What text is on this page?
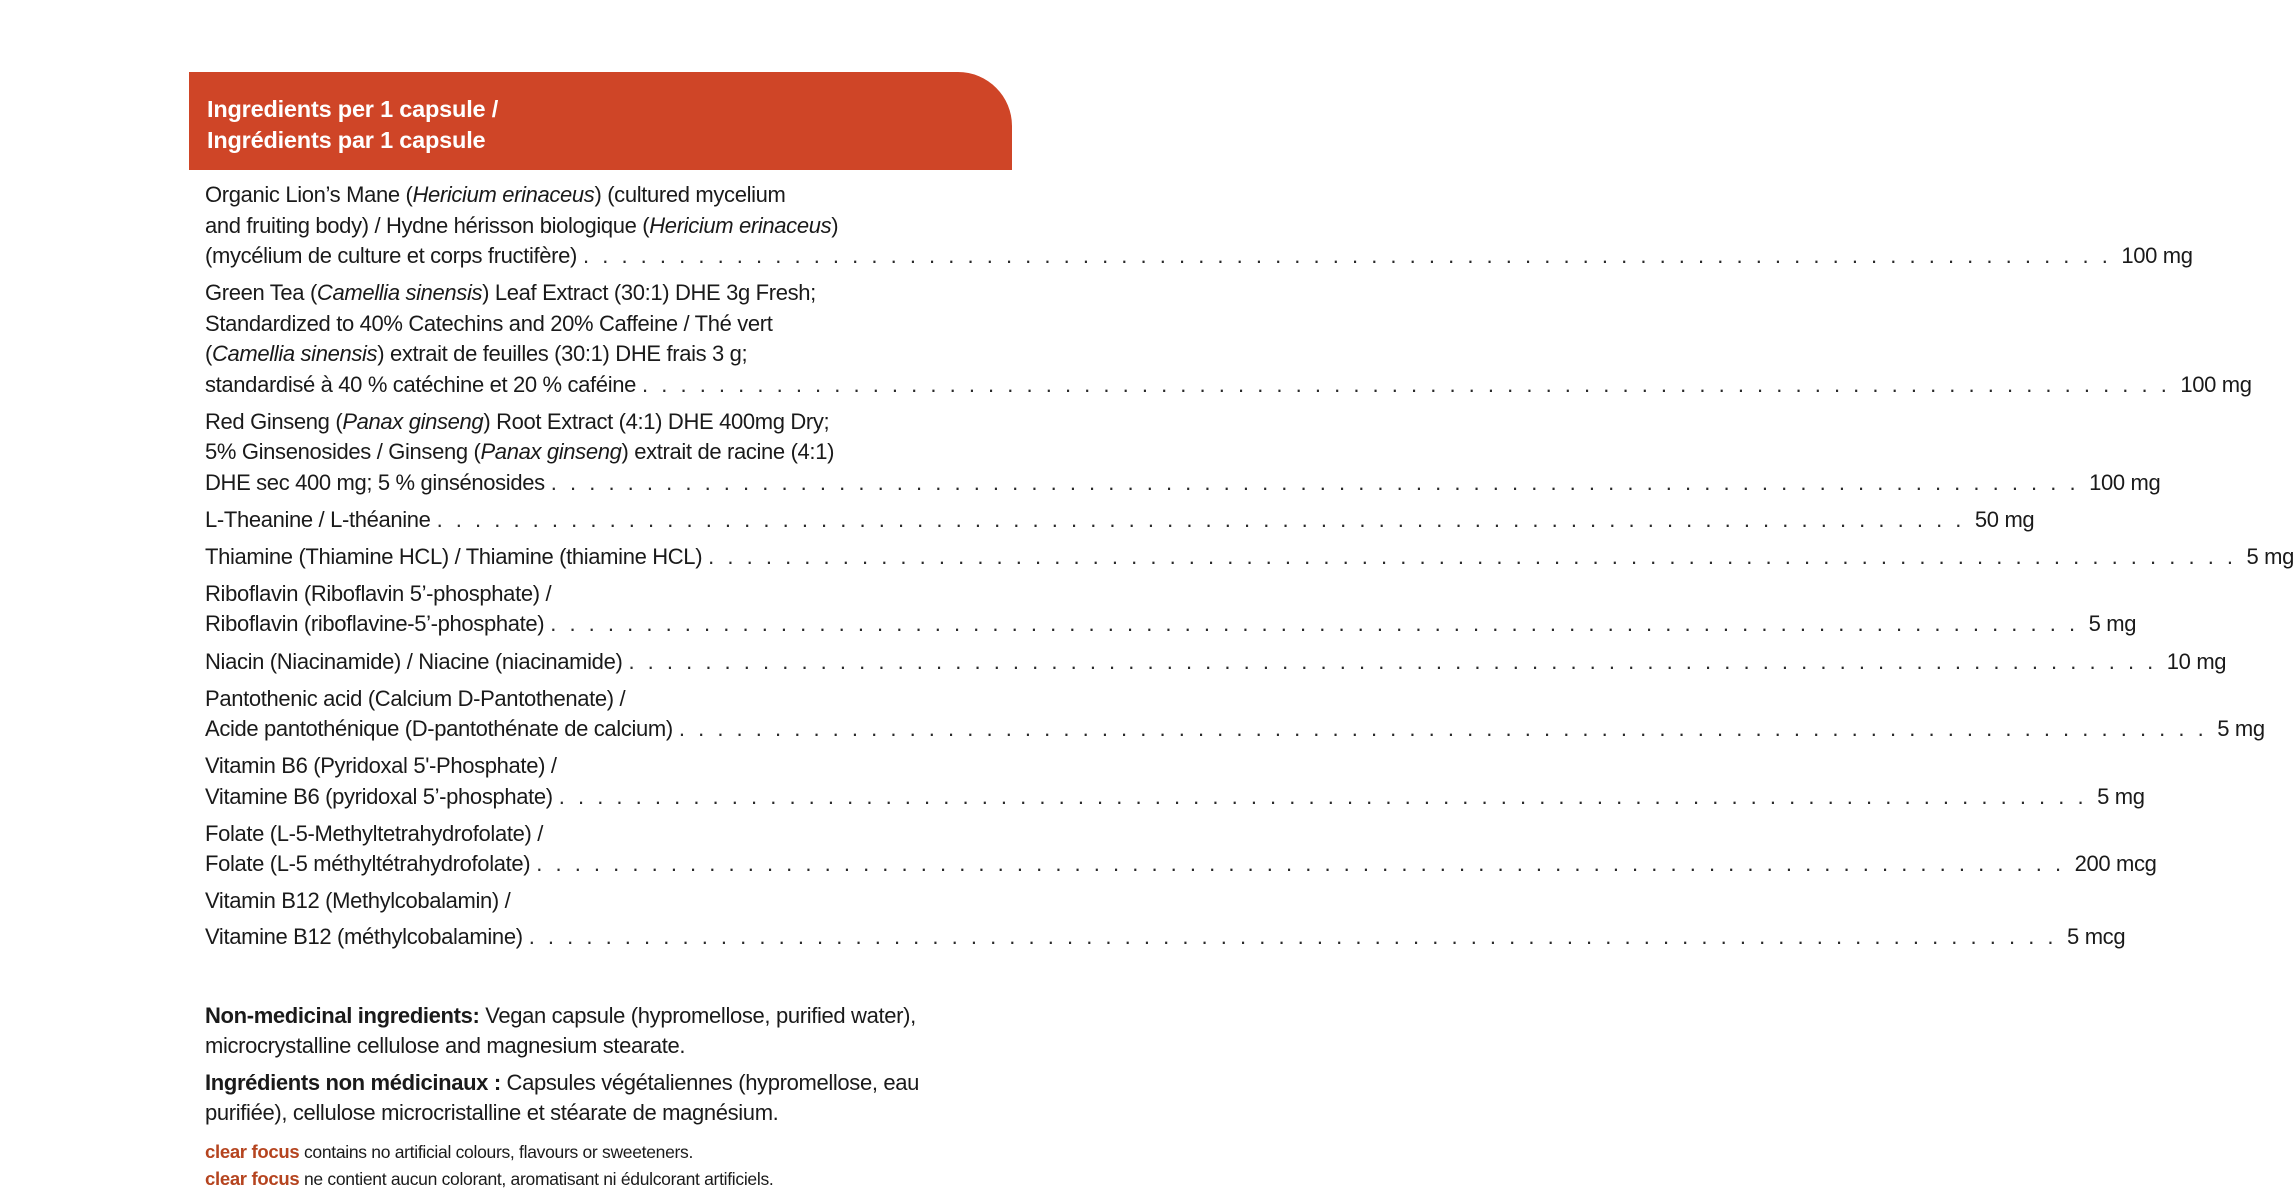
Ingredients per 1 capsule /
Ingrédients par 1 capsule
Organic Lion’s Mane (Hericium erinaceus) (cultured mycelium
and fruiting body) / Hydne hérisson biologique (Hericium erinaceus)
(mycélium de culture et corps fructifère) . . . . . . . . . . . . . . . . . . . . . . . . . . . . . . . . . . . . . . . . . . . . . . . . . . . . . . . . . . . . . . . . . . . . . . . . . . . . . . . . 100 mg
Green Tea (Camellia sinensis) Leaf Extract (30:1) DHE 3g Fresh;
Standardized to 40% Catechins and 20% Caffeine / Thé vert
(Camellia sinensis) extrait de feuilles (30:1) DHE frais 3 g;
standardisé à 40 % catéchine et 20 % caféine . . . . . . . . . . . . . . . . . . . . . . . . . . . . . . . . . . . . . . . . . . . . . . . . . . . . . . . . . . . . . . . . . . . . . . . . . . . . . . . . 100 mg
Red Ginseng (Panax ginseng) Root Extract (4:1) DHE 400mg Dry;
5% Ginsenosides / Ginseng (Panax ginseng) extrait de racine (4:1)
DHE sec 400 mg; 5 % ginsénosides . . . . . . . . . . . . . . . . . . . . . . . . . . . . . . . . . . . . . . . . . . . . . . . . . . . . . . . . . . . . . . . . . . . . . . . . . . . . . . . . 100 mg
L-Theanine / L-théanine . . . . . . . . . . . . . . . . . . . . . . . . . . . . . . . . . . . . . . . . . . . . . . . . . . . . . . . . . . . . . . . . . . . . . . . . . . . . . . . . 50 mg
Thiamine (Thiamine HCL) / Thiamine (thiamine HCL) . . . . . . . . . . . . . . . . . . . . . . . . . . . . . . . . . . . . . . . . . . . . . . . . . . . . . . . . . . . . . . . . . . . . . . . . . . . . . . . . 5 mg
Riboflavin (Riboflavin 5’-phosphate) /
Riboflavin (riboflavine-5’-phosphate) . . . . . . . . . . . . . . . . . . . . . . . . . . . . . . . . . . . . . . . . . . . . . . . . . . . . . . . . . . . . . . . . . . . . . . . . . . . . . . . . 5 mg
Niacin (Niacinamide) / Niacine (niacinamide) . . . . . . . . . . . . . . . . . . . . . . . . . . . . . . . . . . . . . . . . . . . . . . . . . . . . . . . . . . . . . . . . . . . . . . . . . . . . . . . . 10 mg
Pantothenic acid (Calcium D-Pantothenate) /
Acide pantothénique (D-pantothénate de calcium) . . . . . . . . . . . . . . . . . . . . . . . . . . . . . . . . . . . . . . . . . . . . . . . . . . . . . . . . . . . . . . . . . . . . . . . . . . . . . . . . 5 mg
Vitamin B6 (Pyridoxal 5'-Phosphate) /
Vitamine B6 (pyridoxal 5’-phosphate) . . . . . . . . . . . . . . . . . . . . . . . . . . . . . . . . . . . . . . . . . . . . . . . . . . . . . . . . . . . . . . . . . . . . . . . . . . . . . . . . 5 mg
Folate (L-5-Methyltetrahydrofolate) /
Folate (L-5 méthyltétrahydrofolate) . . . . . . . . . . . . . . . . . . . . . . . . . . . . . . . . . . . . . . . . . . . . . . . . . . . . . . . . . . . . . . . . . . . . . . . . . . . . . . . . 200 mcg
Vitamin B12 (Methylcobalamin) /
Vitamine B12 (méthylcobalamine) . . . . . . . . . . . . . . . . . . . . . . . . . . . . . . . . . . . . . . . . . . . . . . . . . . . . . . . . . . . . . . . . . . . . . . . . . . . . . . . . 5 mcg

Non-medicinal ingredients: Vegan capsule (hypromellose, purified water), microcrystalline cellulose and magnesium stearate.

Ingrédients non médicinaux : Capsules végétaliennes (hypromellose, eau purifiée), cellulose microcristalline et stéarate de magnésium.

clear focus contains no artificial colours, flavours or sweeteners.
clear focus ne contient aucun colorant, aromatisant ni édulcorant artificiels.
